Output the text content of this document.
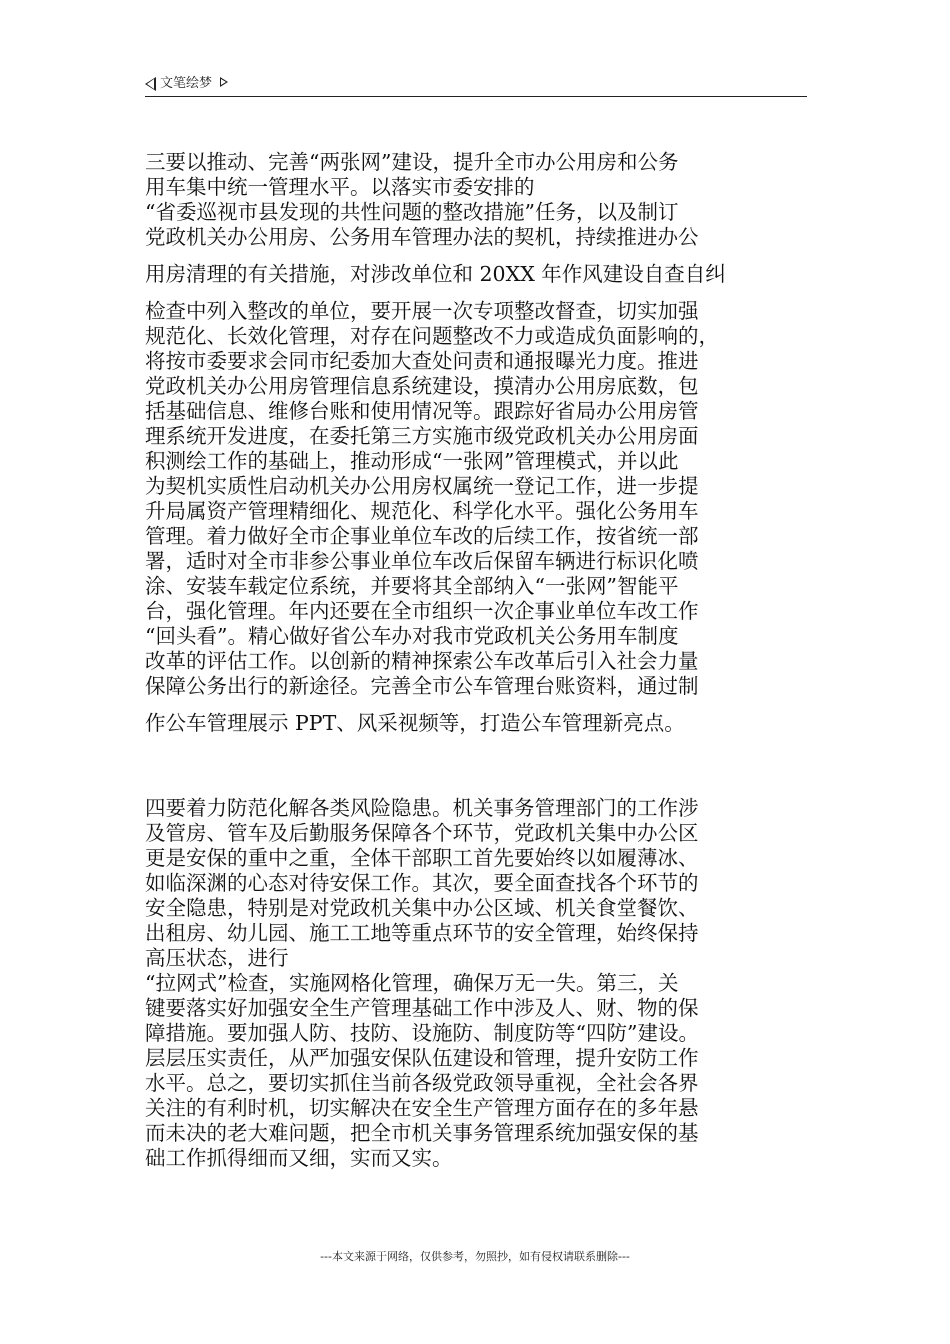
文笔绘梦

三要以推动、完善“两张网”建设，提升全市办公用房和公务
用车集中统一管理水平。以落实市委安排的
“省委巡视市县发现的共性问题的整改措施”任务，以及制订
党政机关办公用房、公务用车管理办法的契机，持续推进办公
用房清理的有关措施，对涉改单位和 20XX 年作风建设自查自纠
检查中列入整改的单位，要开展一次专项整改督查，切实加强
规范化、长效化管理，对存在问题整改不力或造成负面影响的，
将按市委要求会同市纪委加大查处问责和通报曝光力度。推进
党政机关办公用房管理信息系统建设，摸清办公用房底数，包
括基础信息、维修台账和使用情况等。跟踪好省局办公用房管
理系统开发进度，在委托第三方实施市级党政机关办公用房面
积测绘工作的基础上，推动形成“一张网”管理模式，并以此
为契机实质性启动机关办公用房权属统一登记工作，进一步提
升局属资产管理精细化、规范化、科学化水平。强化公务用车
管理。着力做好全市企事业单位车改的后续工作，按省统一部
署，适时对全市非参公事业单位车改后保留车辆进行标识化喷
涂、安装车载定位系统，并要将其全部纳入“一张网”智能平
台，强化管理。年内还要在全市组织一次企事业单位车改工作
“回头看”。精心做好省公车办对我市党政机关公务用车制度
改革的评估工作。以创新的精神探索公车改革后引入社会力量
保障公务出行的新途径。完善全市公车管理台账资料，通过制
作公车管理展示 PPT、风采视频等，打造公车管理新亮点。

四要着力防范化解各类风险隐患。机关事务管理部门的工作涉
及管房、管车及后勤服务保障各个环节，党政机关集中办公区
更是安保的重中之重，全体干部职工首先要始终以如履薄冰、
如临深渊的心态对待安保工作。其次，要全面查找各个环节的
安全隐患，特别是对党政机关集中办公区域、机关食堂餐饮、
出租房、幼儿园、施工工地等重点环节的安全管理，始终保持
高压状态，进行
“拉网式”检查，实施网格化管理，确保万无一失。第三，关
键要落实好加强安全生产管理基础工作中涉及人、财、物的保
障措施。要加强人防、技防、设施防、制度防等“四防”建设。
层层压实责任，从严加强安保队伍建设和管理，提升安防工作
水平。总之，要切实抓住当前各级党政领导重视，全社会各界
关注的有利时机，切实解决在安全生产管理方面存在的多年悬
而未决的老大难问题，把全市机关事务管理系统加强安保的基
础工作抓得细而又细，实而又实。

---本文来源于网络，仅供参考，勿照抄，如有侵权请联系删除---
